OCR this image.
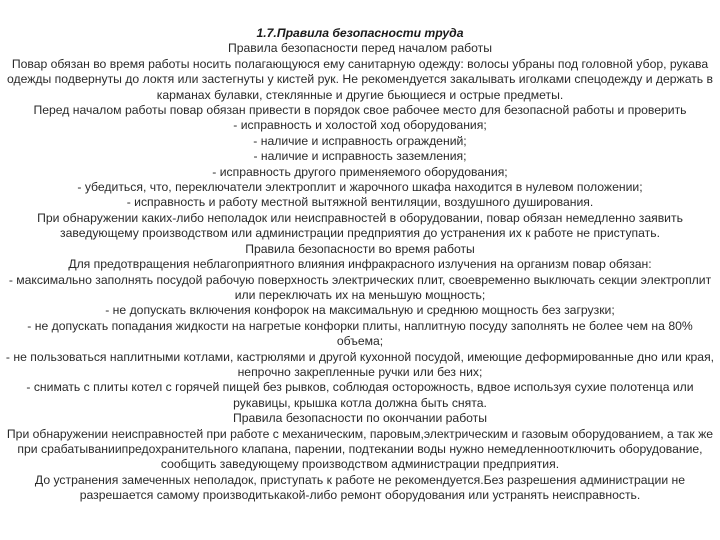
1.7.Правила безопасности труда

Правила безопасности перед началом работы

Повар обязан во время работы носить полагающуюся ему санитарную одежду: волосы убраны под головной убор, рукава одежды подвернуты до локтя или застегнуты у кистей рук. Не рекомендуется закалывать иголками спецодежду и держать в карманах булавки, стеклянные и другие бьющиеся и острые предметы.

Перед началом работы повар обязан привести в порядок свое рабочее место для безопасной работы и проверить

- исправность и холостой ход оборудования;

- наличие и исправность ограждений;

- наличие и исправность заземления;

- исправность другого применяемого оборудования;

- убедиться, что, переключатели электроплит и жарочного шкафа находится в нулевом положении;

- исправность и работу местной вытяжной вентиляции, воздушного душирования.

При обнаружении каких-либо неполадок или неисправностей в оборудовании, повар обязан немедленно заявить заведующему производством или администрации предприятия до устранения их к работе не приступать.

Правила безопасности во время работы

Для предотвращения неблагоприятного влияния инфракрасного излучения на организм повар обязан:

- максимально заполнять посудой рабочую поверхность электрических плит, своевременно выключать секции электроплит или переключать их на меньшую мощность;

- не допускать включения конфорок на максимальную и среднюю мощность без загрузки;

- не допускать попадания жидкости на нагретые конфорки плиты, наплитную посуду заполнять не более чем на 80% объема;

- не пользоваться наплитными котлами, кастрюлями и другой кухонной посудой, имеющие деформированные дно или края, непрочно закрепленные ручки или без них;

- снимать с плиты котел с горячей пищей без рывков, соблюдая осторожность, вдвое используя сухие полотенца или рукавицы, крышка котла должна быть снята.

Правила безопасности по окончании работы

При обнаружении неисправностей при работе с механическим, паровым,электрическим и газовым оборудованием, а так же при срабатываниипредохранительного клапана, парении, подтекании воды нужно немедленноотключить оборудование, сообщить заведующему производством администрации предприятия.

До устранения замеченных неполадок, приступать к работе не рекомендуется.Без разрешения администрации не разрешается самому производитькакой-либо ремонт оборудования или устранять неисправность.
